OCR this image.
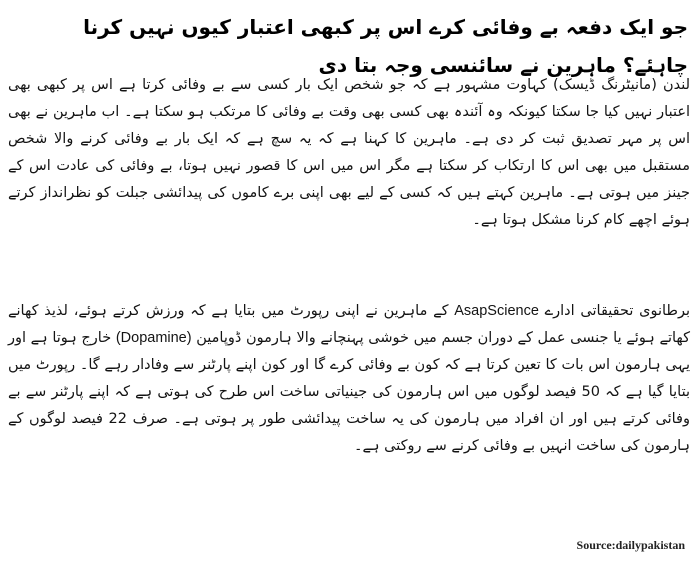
جو ایک دفعہ بے وفائی کرے اس پر کبھی اعتبار کیوں نہیں کرنا چاہئے؟ ماہرین نے سائنسی وجہ بتا دی
لندن (مانیٹرنگ ڈیسک) کہاوت مشہور ہے کہ جو شخص ایک بار کسی سے بے وفائی کرتا ہے اس پر کبھی بھی اعتبار نہیں کیا جا سکتا کیونکہ وہ آئندہ بھی کسی بھی وقت بے وفائی کا مرتکب ہو سکتا ہے۔ اب ماہرین نے بھی اس پر مہر تصدیق ثبت کر دی ہے۔ ماہرین کا کہنا ہے کہ یہ سچ ہے کہ ایک بار بے وفائی کرنے والا شخص مستقبل میں بھی اس کا ارتکاب کر سکتا ہے مگر اس میں اس کا قصور نہیں ہوتا، بے وفائی کی عادت اس کے جینز میں ہوتی ہے۔ ماہرین کہتے ہیں کہ کسی کے لیے بھی اپنی برے کاموں کی پیدائشی جبلت کو نظرانداز کرتے ہوئے اچھے کام کرنا مشکل ہوتا ہے۔
برطانوی تحقیقاتی ادارے AsapScience کے ماہرین نے اپنی رپورٹ میں بتایا ہے کہ ورزش کرتے ہوئے، لذیذ کھانے کھاتے ہوئے یا جنسی عمل کے دوران جسم میں خوشی پہنچانے والا ہارمون ڈوپامین (Dopamine) خارج ہوتا ہے اور یہی ہارمون اس بات کا تعین کرتا ہے کہ کون بے وفائی کرے گا اور کون اپنے پارٹنر سے وفادار رہے گا۔ رپورٹ میں بتایا گیا ہے کہ 50 فیصد لوگوں میں اس ہارمون کی جینیاتی ساخت اس طرح کی ہوتی ہے کہ اپنے پارٹنر سے بے وفائی کرتے ہیں اور ان افراد میں ہارمون کی یہ ساخت پیدائشی طور پر ہوتی ہے۔ صرف 22 فیصد لوگوں کے ہارمون کی ساخت انہیں بے وفائی کرنے سے روکتی ہے۔
Source:dailypakistan
